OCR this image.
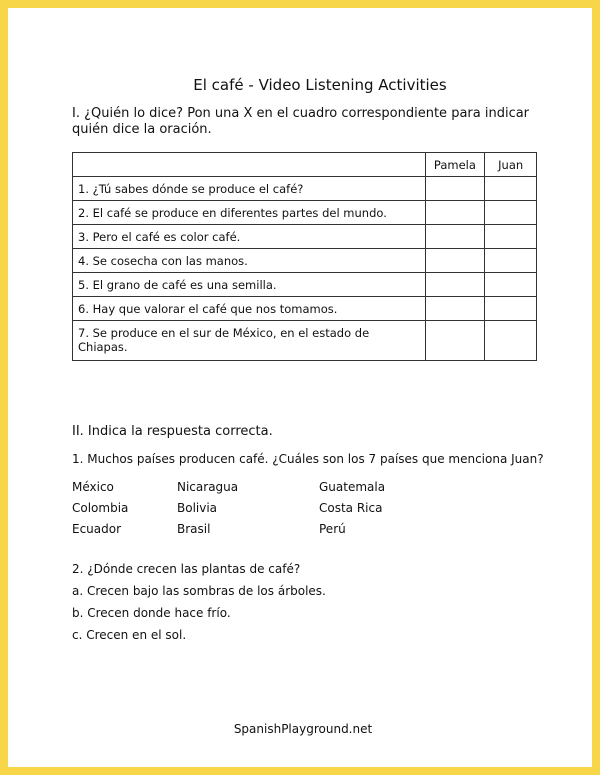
El café - Video Listening Activities
I. ¿Quién lo dice? Pon una X en el cuadro correspondiente para indicar quién dice la oración.
	Pamela	Juan
1. ¿Tú sabes dónde se produce el café?		
2. El café se produce en diferentes partes del mundo.		
3. Pero el café es color café.		
4. Se cosecha con las manos.		
5. El grano de café es una semilla.		
6. Hay que valorar el café que nos tomamos.		
7. Se produce en el sur de México, en el estado de Chiapas.		
II. Indica la respuesta correcta.
1. Muchos países producen café. ¿Cuáles son los 7 países que menciona Juan?
México	Nicaragua	Guatemala
Colombia	Bolivia	Costa Rica
Ecuador	Brasil	Perú
2. ¿Dónde crecen las plantas de café?
a. Crecen bajo las sombras de los árboles.
b. Crecen donde hace frío.
c. Crecen en el sol.
SpanishPlayground.net
